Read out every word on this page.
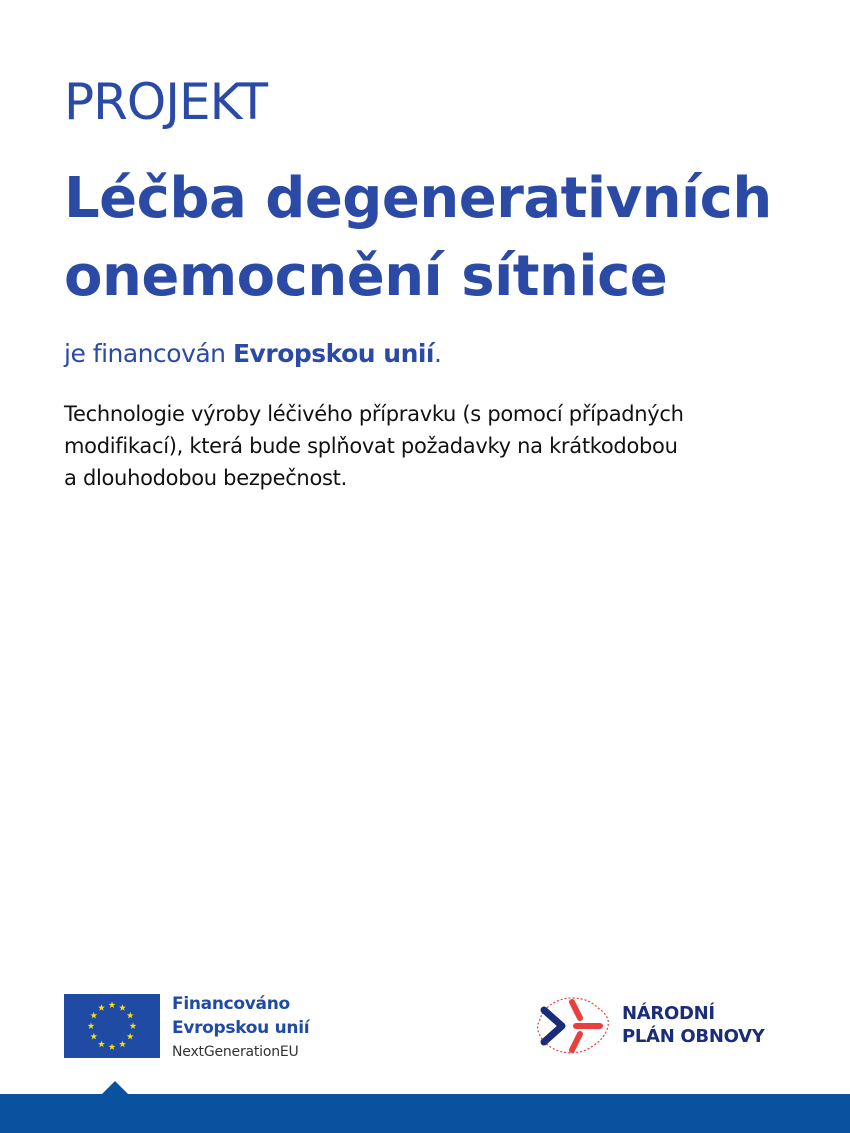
PROJEKT
Léčba degenerativních
onemocnění sítnice
je financován Evropskou unií.
Technologie výroby léčivého přípravku (s pomocí případných
modifikací), která bude splňovat požadavky na krátkodobou
a dlouhodobou bezpečnost.
Financováno
Evropskou unií
NextGenerationEU
NÁRODNÍ
PLÁN OBNOVY
